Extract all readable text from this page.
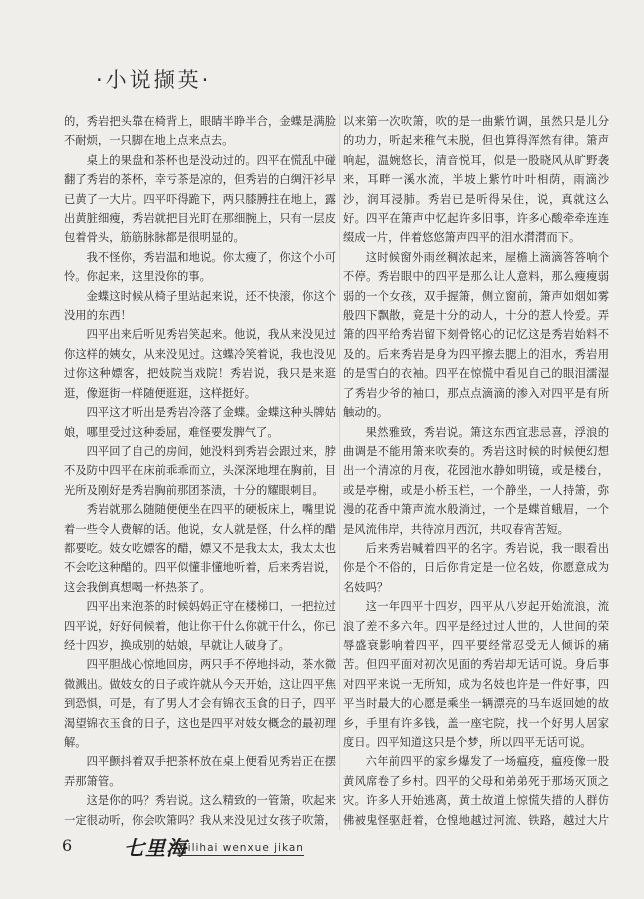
·小说撷英·

的，秀岩把头靠在椅背上，眼睛半睁半合，金蝶是满脸不耐烦，一只脚在地上点来点去。

桌上的果盘和茶杯也是没动过的。四平在慌乱中碰翻了秀岩的茶杯，幸亏茶是凉的，但秀岩的白绸汗衫早已黄了一大片。四平吓得跪下，两只膝膊拄在地上，露出黄脏细瘦，秀岩就把目光盯在那细腕上，只有一层皮包着骨头，筋筋脉脉都是很明显的。

我不怪你，秀岩温和地说。你太瘦了，你这个小可怜。你起来，这里没你的事。

金蝶这时候从椅子里站起来说，还不快滚，你这个没用的东西！

四平出来后听见秀岩笑起来。他说，我从来没见过你这样的姨女，从来没见过。这蝶冷笑着说，我也没见过你这种嫖客，把妓院当戏院！秀岩说，我只是来逛逛，像逛街一样随便逛逛，这样挺好。

四平这才听出是秀岩冷落了金蝶。金蝶这种头牌姑娘，哪里受过这种委屈，难怪要发脾气了。

四平回了自己的房间，她没料到秀岩会跟过来，脖不及防中四平在床前乖乖而立，头深深地埋在胸前，目光所及刚好是秀岩胸前那团茶渍，十分的耀眼刺目。

秀岩就那么随随便便坐在四平的硬板床上，嘴里说着一些令人费解的话。他说，女人就是怪，什么样的醋都要吃。妓女吃嫖客的醋，嫖又不是我太太，我太太也不会吃这种醋的。四平似懂非懂地听着，后来秀岩说，这会我倒真想喝一杯热茶了。

四平出来泡茶的时候妈妈正守在楼梯口，一把拉过四平说，好好伺候着，他让你干什么你就干什么，你已经十四岁，换成别的姑娘，早就让人破身了。

四平胆战心惊地回房，两只手不停地抖动，茶水微微溅出。做妓女的日子或许就从今天开始，这让四平焦到恐惧，可是，有了男人才会有锦衣玉食的日子，四平渴望锦衣玉食的日子，这也是四平对妓女概念的最初理解。

四平颤抖着双手把茶杯放在桌上便看见秀岩正在摆弄那箫管。

这是你的吗？秀岩说。这么精致的一管箫，吹起来一定很动听，你会吹箫吗？我从来没见过女孩子吹箫，

以来第一次吹箫，吹的是一曲紫竹调，虽然只是儿分的功力，听起来稚气未脱，但也算得浑然有律。箫声响起，温婉悠长，清音悦耳，似是一股晓风从旷野袭来，耳畔一溪水流，半坡上紫竹叶叶相荫，雨滴沙沙，润耳浸肺。秀岩已是听得呆住，说，真就这么好。四平在箫声中忆起许多旧事，许多心酸牵牵连连缀成一片，伴着悠悠箫声四平的泪水潸潸而下。

这时候窗外雨丝稠浓起来，屋檐上滴滴答答响个不停。秀岩眼中的四平是那么让人意料，那么瘦瘦弱弱的一个女孩，双手握箫，侧立窗前，箫声如烟如雾般四下飘散，竟是十分的动人，十分的惹人怜爱。弄箫的四平给秀岩留下刻骨铭心的记忆这是秀岩始料不及的。后来秀岩是身为四平擦去腮上的泪水，秀岩用的是雪白的衣袖。四平在惊慌中看见自己的眼泪濡湿了秀岩少爷的袖口，那点点滴滴的渗入对四平是有所触动的。

果然雅致，秀岩说。箫这东西宜悲忌喜，浮浪的曲调是不能用箫来吹奏的。秀岩这时候的时候便幻想出一个清凉的月夜，花园池水静如明镜，或是楼台，或是亭榭，或是小桥玉栏，一个静坐，一人持箫，弥漫的花香中箫声流水般淌过，一个是蝶首蛾眉，一个是风流伟岸，共待凉月西沉，共叹春宵苦短。

后来秀岩喊着四平的名字。秀岩说，我一眼看出你是个不俗的，日后你肯定是一位名妓，你愿意成为名妓吗？

这一年四平十四岁，四平从八岁起开始流浪，流浪了差不多六年。四平是经过过人世的，人世间的荣辱盛衰影响着四平，四平要经常忍受无人倾诉的痛苦。但四平面对初次见面的秀岩却无话可说。身后事对四平来说一无所知，成为名妓也许是一件好事，四平当时最大的心愿是乘坐一辆漂亮的马车返回她的故乡，手里有许多钱，盖一座宅院，找一个好男人居家度日。四平知道这只是个梦，所以四平无话可说。

六年前四平的家乡爆发了一场瘟疫，瘟疫像一股黄风席卷了乡村。四平的父母和弟弟死于那场灭顶之灾。许多人开始逃离，黄土故道上惊慌失措的人群仿佛被鬼怪驱赶着，仓惶地越过河流、铁路，越过大片

6	七里海
qilihai wenxue jikan
